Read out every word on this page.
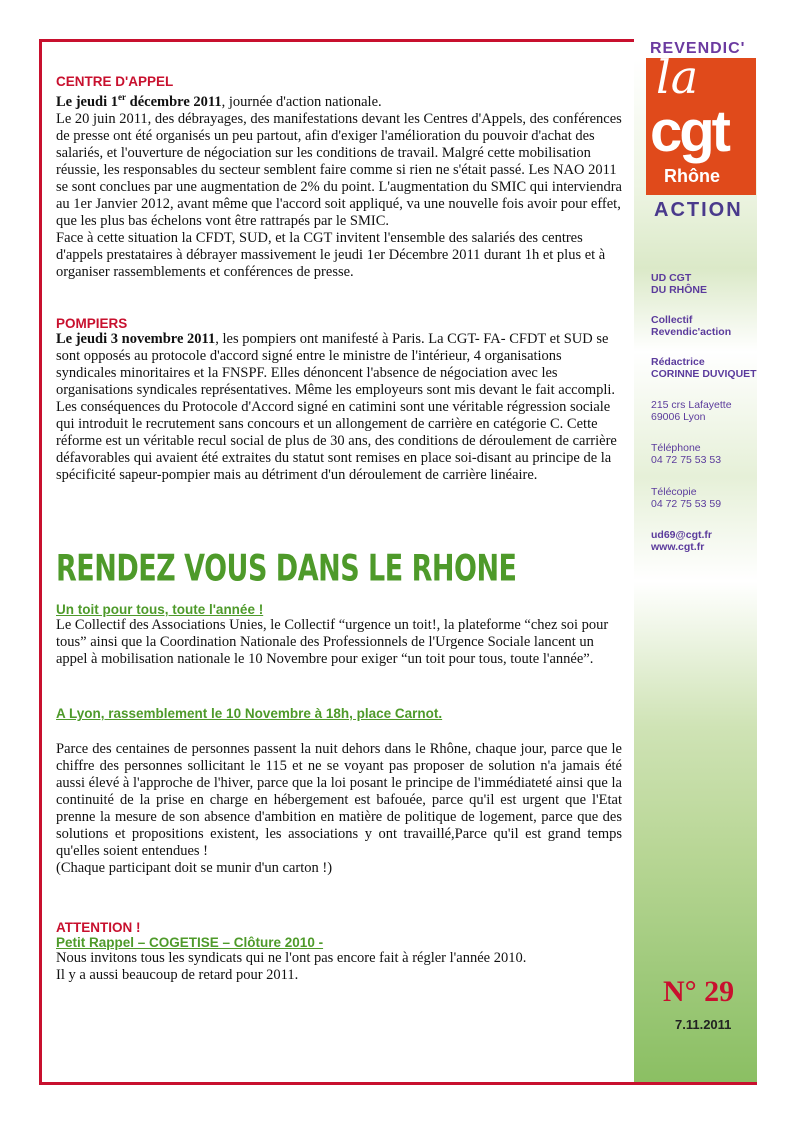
REVENDIC'
la
cgt
Rhône
ACTION
UD CGT
DU RHÔNE
Collectif
Revendic'action
Rédactrice
CORINNE DUVIQUET
215 crs Lafayette
69006 Lyon
Téléphone
04 72 75 53 53
Télécopie
04 72 75 53 59
ud69@cgt.fr
www.cgt.fr
N° 29
7.11.2011
CENTRE D'APPEL

Le jeudi 1er décembre 2011, journée d'action nationale.

Le 20 juin 2011, des débrayages, des manifestations devant les Centres d'Appels, des conférences de presse ont été organisés un peu partout, afin d'exiger l'amélioration du pouvoir d'achat des salariés, et l'ouverture de négociation sur les conditions de travail. Malgré cette mobilisation réussie, les responsables du secteur semblent faire comme si rien ne s'était passé. Les NAO 2011 se sont conclues par une augmentation de 2% du point. L'augmentation du SMIC qui interviendra au 1er Janvier 2012, avant même que l'accord soit appliqué, va une nouvelle fois avoir pour effet, que les plus bas échelons vont être rattrapés par le SMIC.

Face à cette situation la CFDT, SUD, et la CGT invitent l'ensemble des salariés des centres d'appels prestataires à débrayer massivement le jeudi 1er Décembre 2011 durant 1h et plus et à organiser rassemblements et conférences de presse.

POMPIERS

Le jeudi 3 novembre 2011, les pompiers ont manifesté à Paris. La CGT- FA- CFDT et SUD se sont opposés au protocole d'accord signé entre le ministre de l'intérieur, 4 organisations syndicales minoritaires et la FNSPF. Elles dénoncent l'absence de négociation avec les organisations syndicales représentatives. Même les employeurs sont mis devant le fait accompli. Les conséquences du Protocole d'Accord signé en catimini sont une véritable régression sociale qui introduit le recrutement sans concours et un allongement de carrière en catégorie C. Cette réforme est un véritable recul social de plus de 30 ans, des conditions de déroulement de carrière défavorables qui avaient été extraites du statut sont remises en place soi-disant au principe de la spécificité sapeur-pompier mais au détriment d'un déroulement de carrière linéaire.

RENDEZ VOUS DANS LE RHONE
Un toit pour tous, toute l'année !

Le Collectif des Associations Unies, le Collectif “urgence un toit!, la plateforme “chez soi pour tous” ainsi que la Coordination Nationale des Professionnels de l'Urgence Sociale lancent un appel à mobilisation nationale le 10 Novembre pour exiger “un toit pour tous, toute l'année”.

A Lyon, rassemblement le 10 Novembre à 18h, place Carnot.

Parce des centaines de personnes passent la nuit dehors dans le Rhône, chaque jour, parce que le chiffre des personnes sollicitant le 115 et ne se voyant pas proposer de solution n'a jamais été aussi élevé à l'approche de l'hiver, parce que la loi posant le principe de l'immédiateté ainsi que la continuité de la prise en charge en hébergement est bafouée, parce qu'il est urgent que l'Etat prenne la mesure de son absence d'ambition en matière de politique de logement, parce que des solutions et propositions existent, les associations y ont travaillé,Parce qu'il est grand temps qu'elles soient entendues !

(Chaque participant doit se munir d'un carton !)

ATTENTION !
Petit Rappel – COGETISE – Clôture 2010 -

Nous invitons tous les syndicats qui ne l'ont pas encore fait à régler l'année 2010.

Il y a aussi beaucoup de retard pour 2011.
